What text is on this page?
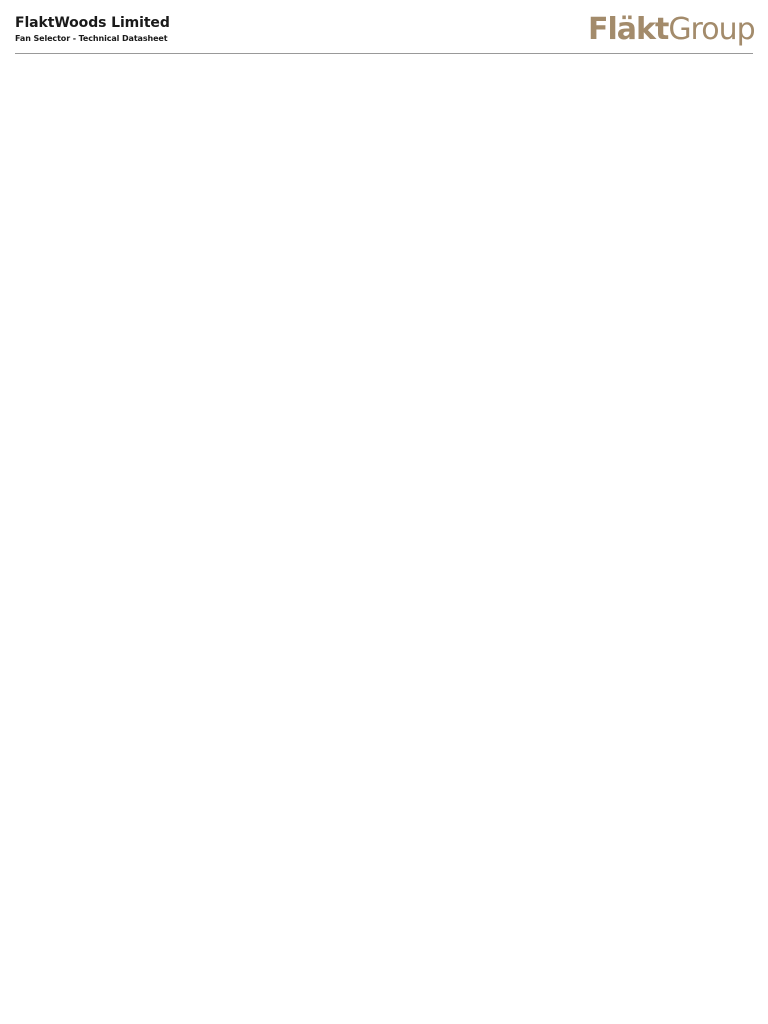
FlaktWoods Limited
Fan Selector - Technical Datasheet	FläktGroup
